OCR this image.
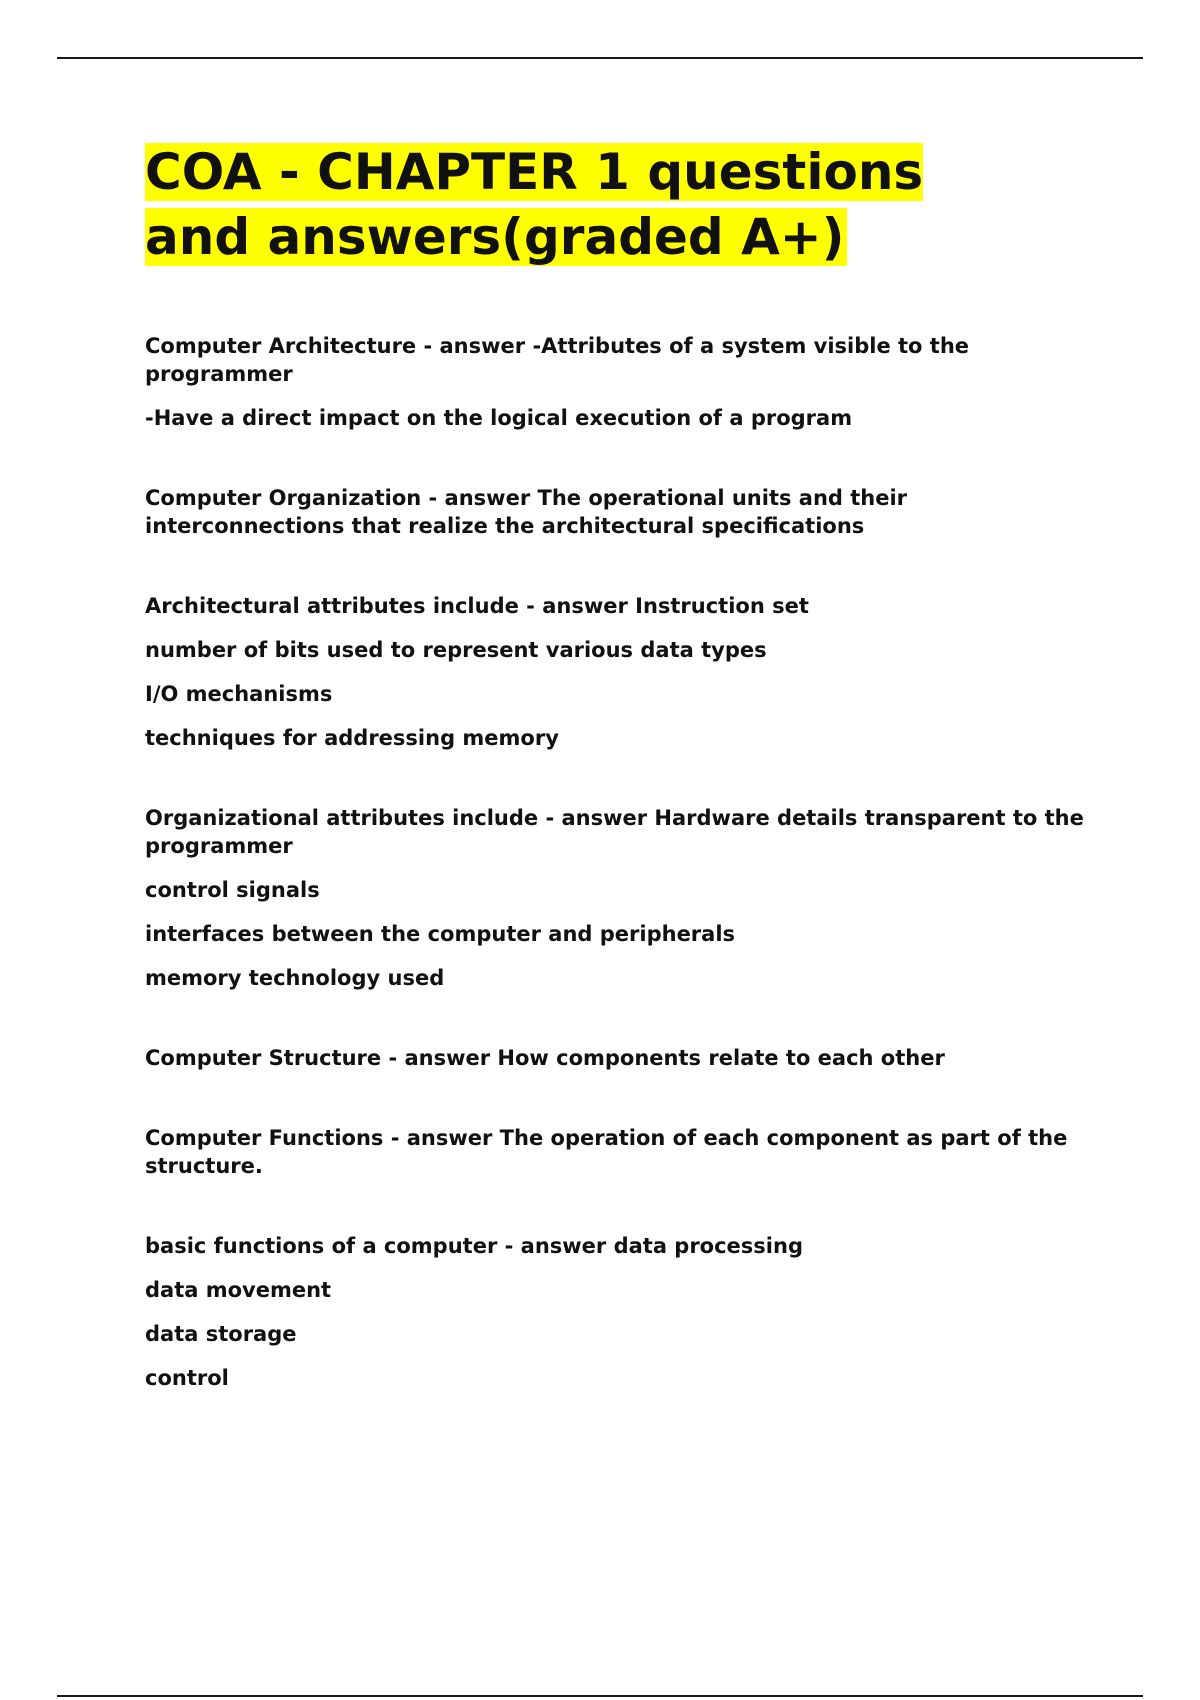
COA - CHAPTER 1 questions and answers(graded A+)

Computer Architecture - answer -Attributes of a system visible to the programmer

-Have a direct impact on the logical execution of a program

Computer Organization - answer The operational units and their interconnections that realize the architectural specifications

Architectural attributes include - answer Instruction set

number of bits used to represent various data types

I/O mechanisms

techniques for addressing memory

Organizational attributes include - answer Hardware details transparent to the programmer

control signals

interfaces between the computer and peripherals

memory technology used

Computer Structure - answer How components relate to each other

Computer Functions - answer The operation of each component as part of the structure.

basic functions of a computer - answer data processing

data movement

data storage

control
